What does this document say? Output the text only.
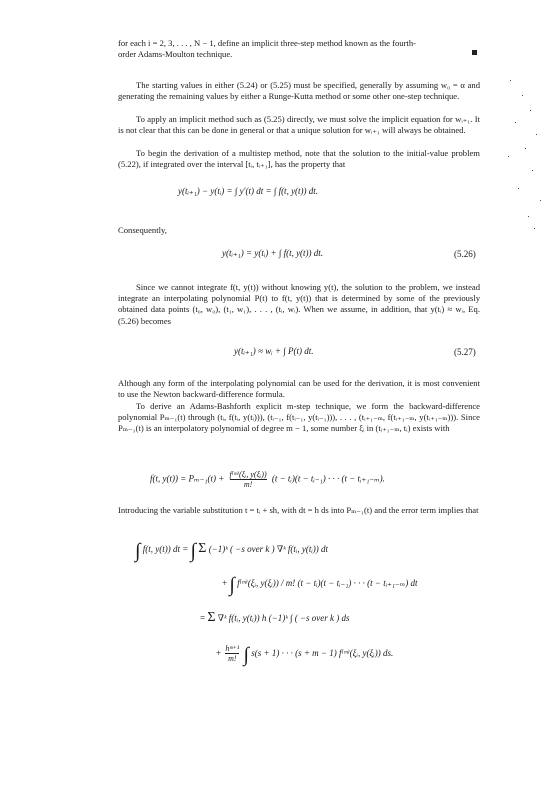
for each i = 2, 3, . . . , N − 1, define an implicit three-step method known as the fourth-
order Adams-Moulton technique.
The starting values in either (5.24) or (5.25) must be specified, generally by assuming w₀ = α and generating the remaining values by either a Runge-Kutta method or some other one-step technique.
To apply an implicit method such as (5.25) directly, we must solve the implicit equation for wᵢ₊₁. It is not clear that this can be done in general or that a unique solution for wᵢ₊₁ will always be obtained.
To begin the derivation of a multistep method, note that the solution to the initial-value problem (5.22), if integrated over the interval [tᵢ, tᵢ₊₁], has the property that
y(tᵢ₊₁) − y(tᵢ) = ∫ y′(t) dt = ∫ f(t, y(t)) dt.
Consequently,
y(tᵢ₊₁) = y(tᵢ) + ∫ f(t, y(t)) dt.	(5.26)
Since we cannot integrate f(t, y(t)) without knowing y(t), the solution to the problem, we instead integrate an interpolating polynomial P(t) to f(t, y(t)) that is determined by some of the previously obtained data points (t₀, w₀), (t₁, w₁), . . . , (tᵢ, wᵢ). When we assume, in addition, that y(tᵢ) ≈ wᵢ, Eq. (5.26) becomes
y(tᵢ₊₁) ≈ wᵢ + ∫ P(t) dt.	(5.27)
Although any form of the interpolating polynomial can be used for the derivation, it is most convenient to use the Newton backward-difference formula.
To derive an Adams-Bashforth explicit m-step technique, we form the backward-difference polynomial Pₘ₋₁(t) through (tᵢ, f(tᵢ, y(tᵢ))), (tᵢ₋₁, f(tᵢ₋₁, y(tᵢ₋₁))), . . . , (tᵢ₊₁₋ₘ, f(tᵢ₊₁₋ₘ, y(tᵢ₊₁₋ₘ))). Since Pₘ₋₁(t) is an interpolatory polynomial of degree m − 1, some number ξᵢ in (tᵢ₊₁₋ₘ, tᵢ) exists with
f(t, $y(t)) = P_{m-1}(t) + \frac{\text{f⁽ᵐ⁾(ξᵢ, y(ξᵢ))}}{m!} (t$ − tᵢ)(t − tᵢ₋₁) · · · (t − tᵢ₊₁₋ₘ).
Introducing the variable substitution t = tᵢ + sh, with dt = h ds into Pₘ₋₁(t) and the error term implies that
∫ f(t, y(t)) dt = ∫ Σ (−1)ᵏ ( −s over k ) ∇ᵏ f(tᵢ, y(tᵢ)) dt
+ ∫ f⁽ᵐ⁾(ξᵢ, y(ξᵢ)) / m! (t − tᵢ)(t − tᵢ₋₁) · · · (t − tᵢ₊₁₋ₘ) dt
= Σ ∇ᵏ f(tᵢ, y(tᵢ)) h (−1)ᵏ ∫ ( −s over k ) ds
+ $\frac{\text{hᵐ⁺¹}}{m!}$ ∫ s(s + 1) · · · (s + m − 1) f⁽ᵐ⁾(ξᵢ, y(ξᵢ)) ds.
